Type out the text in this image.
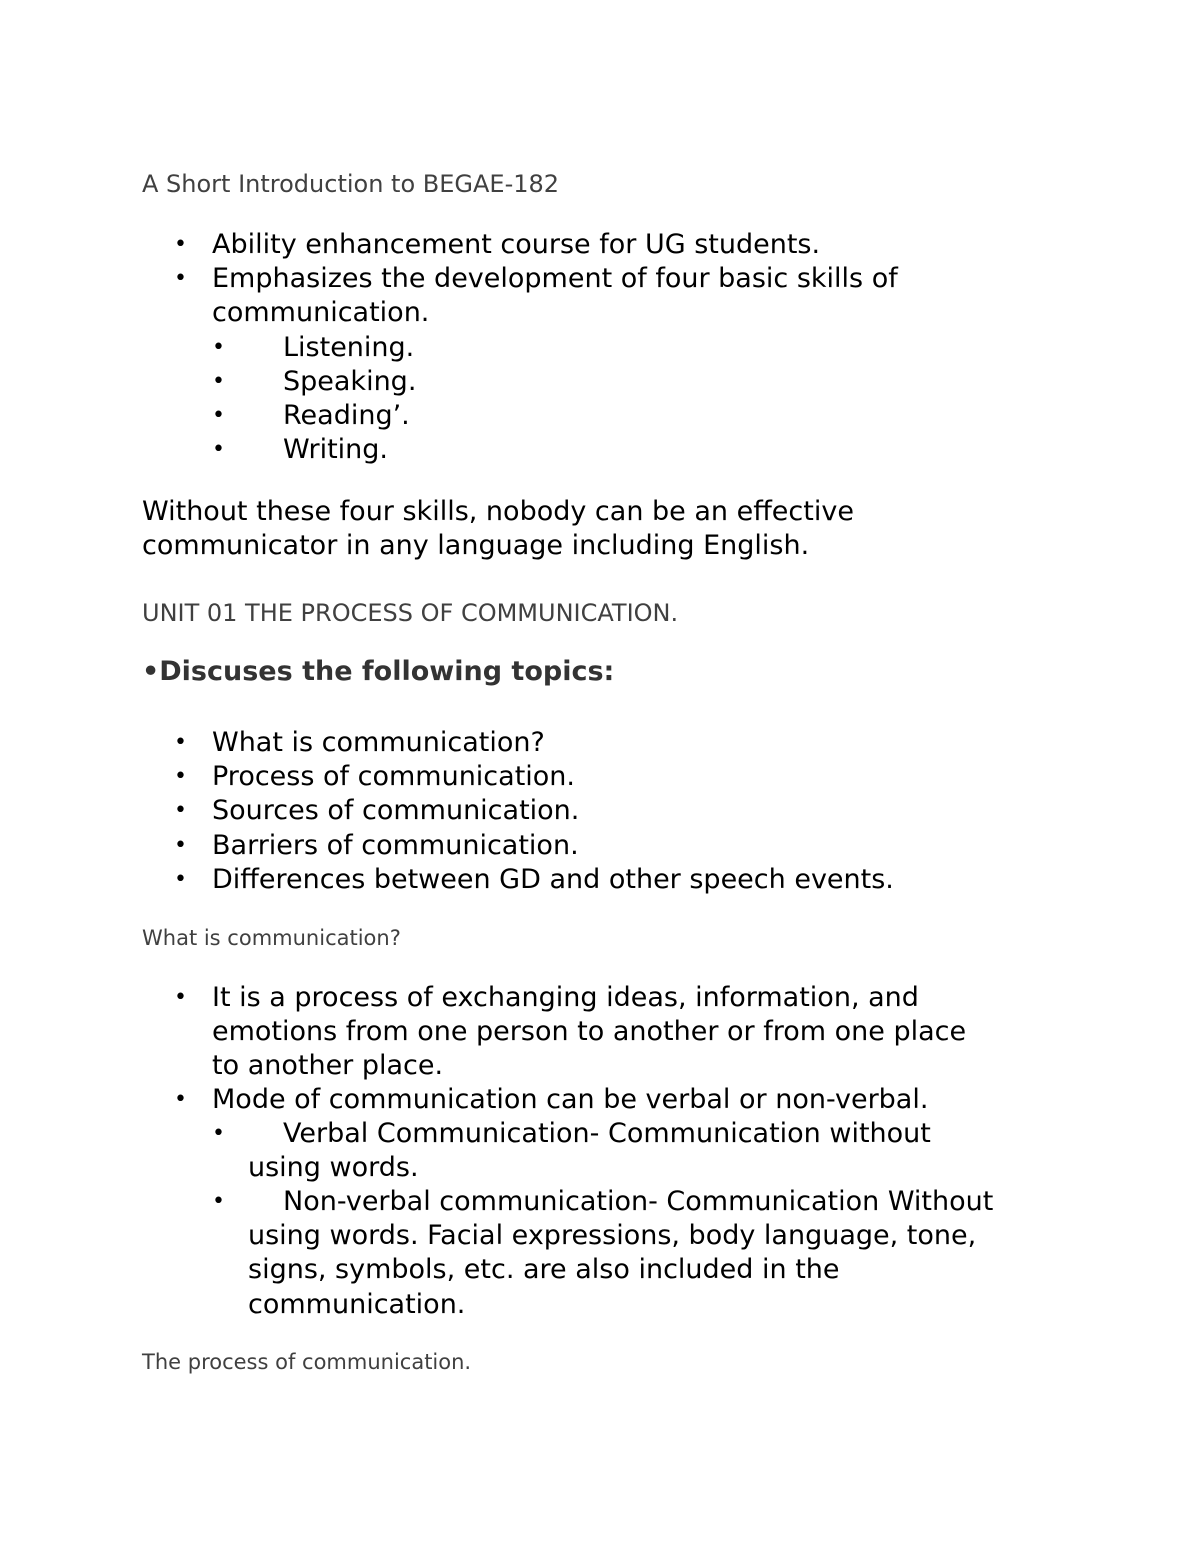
A Short Introduction to BEGAE-182
• Ability enhancement course for UG students.
• Emphasizes the development of four basic skills of
communication.
• Listening.
• Speaking.
• Reading’.
• Writing.
Without these four skills, nobody can be an effective
communicator in any language including English.
UNIT 01 THE PROCESS OF COMMUNICATION.
•Discuses the following topics:
• What is communication?
• Process of communication.
• Sources of communication.
• Barriers of communication.
• Differences between GD and other speech events.
What is communication?
• It is a process of exchanging ideas, information, and
emotions from one person to another or from one place
to another place.
• Mode of communication can be verbal or non-verbal.
• Verbal Communication- Communication without
using words.
• Non-verbal communication- Communication Without
using words. Facial expressions, body language, tone,
signs, symbols, etc. are also included in the
communication.
The process of communication.
